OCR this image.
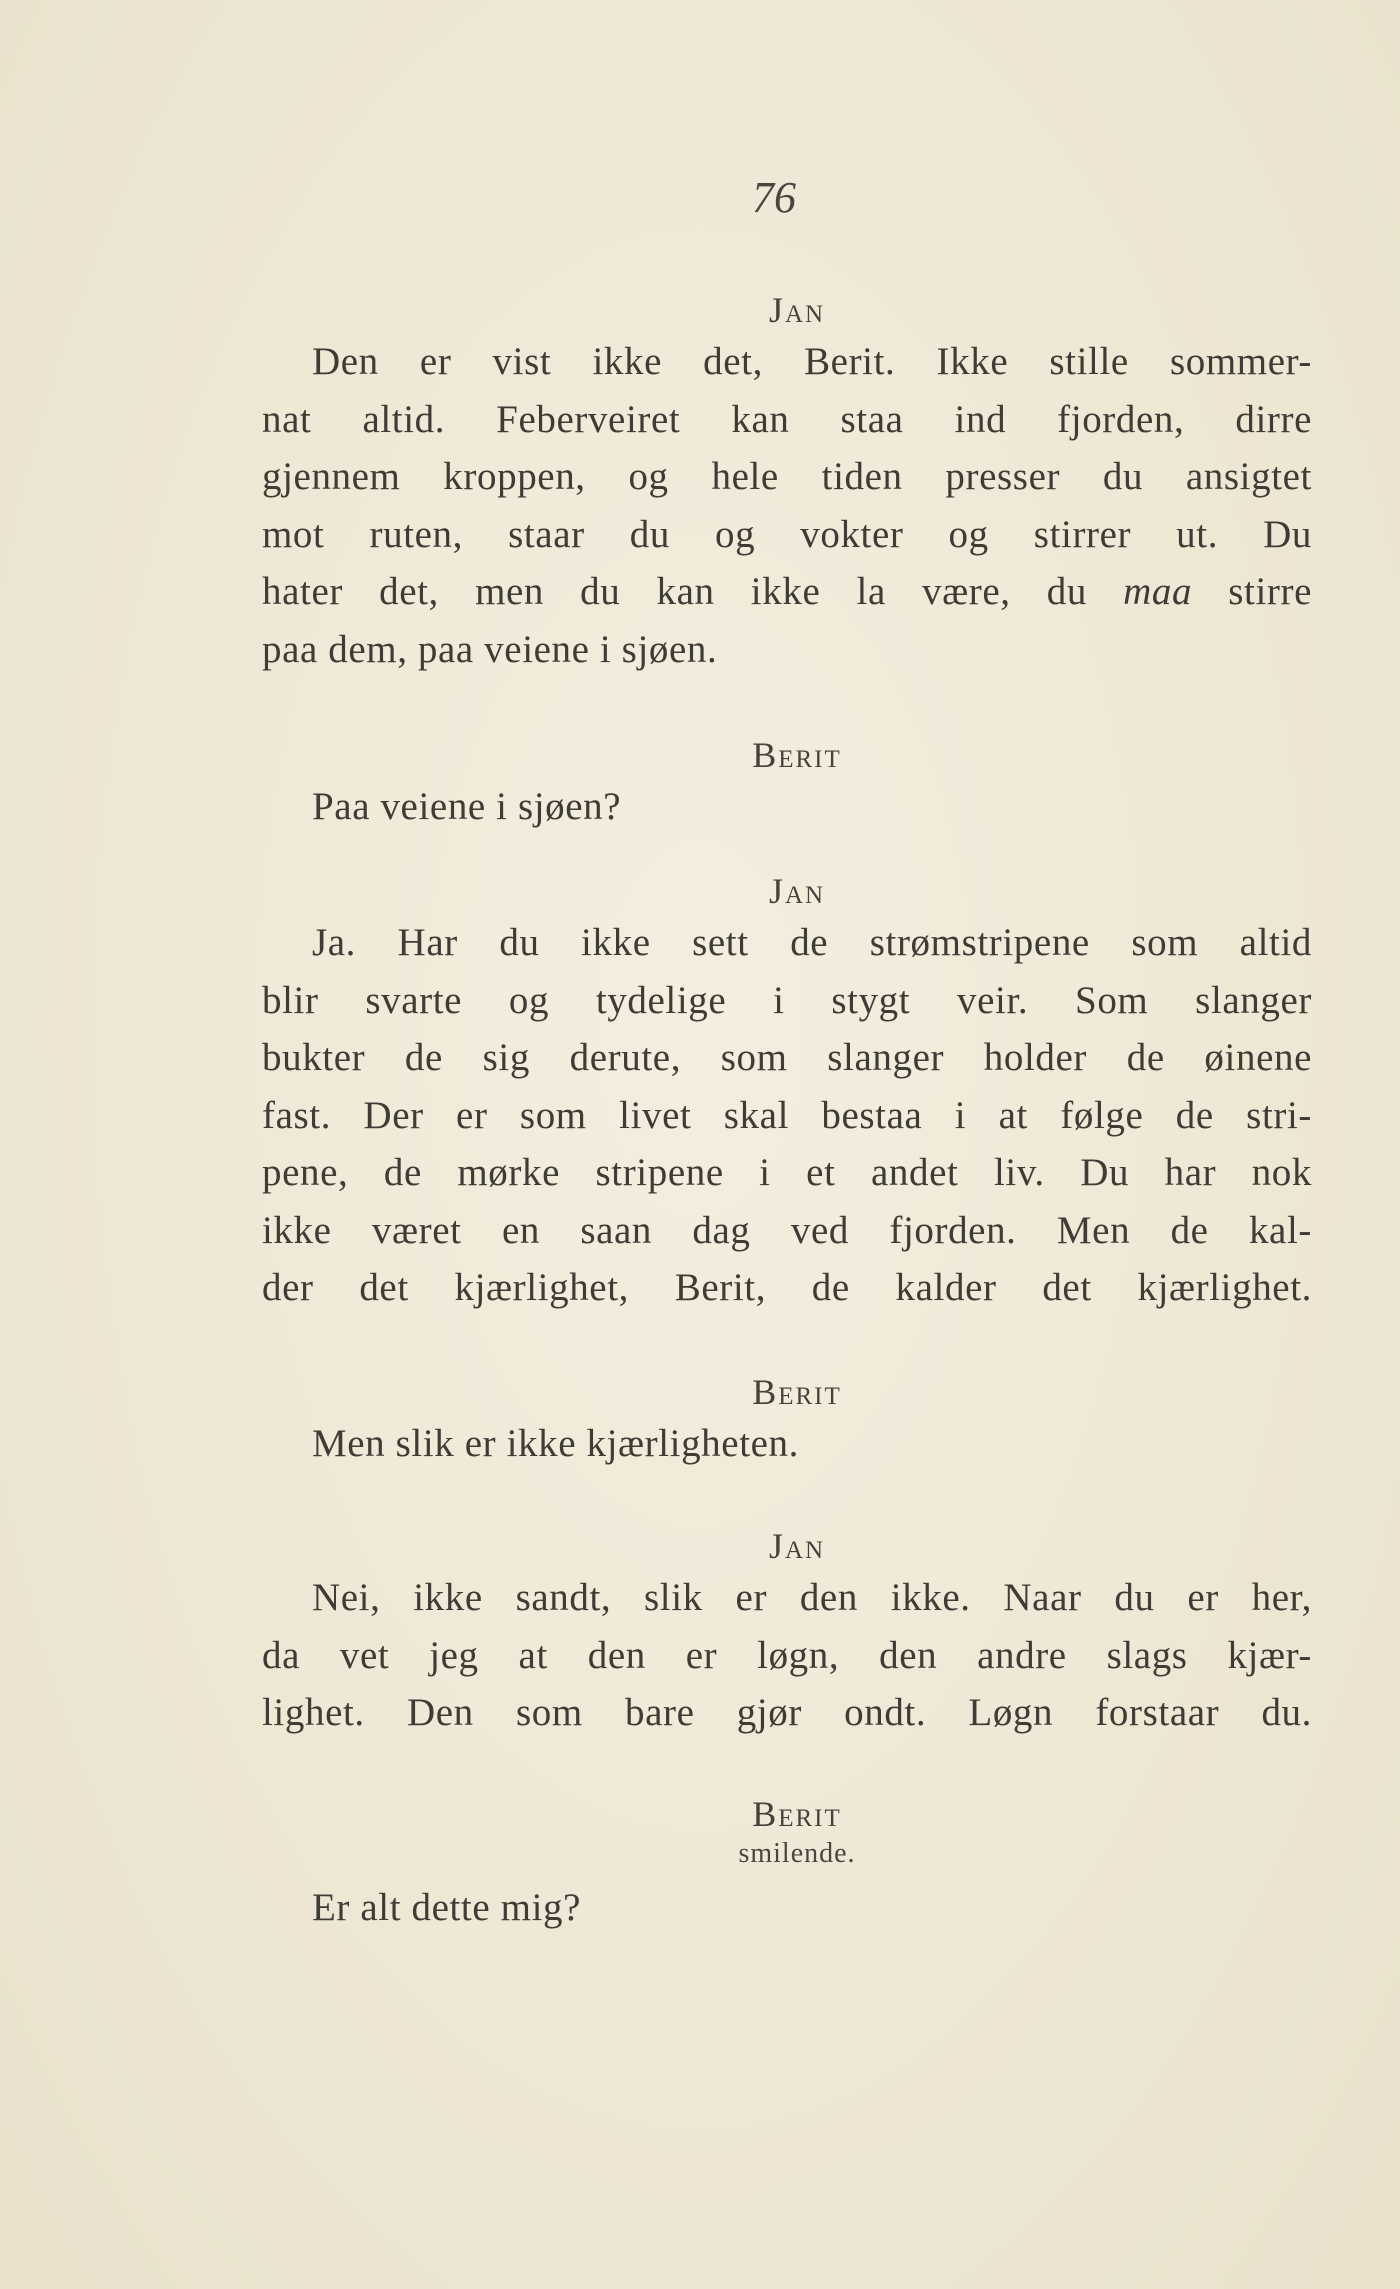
76
Jan
Den er vist ikke det, Berit. Ikke stille sommer-
nat altid. Feberveiret kan staa ind fjorden, dirre
gjennem kroppen, og hele tiden presser du ansigtet
mot ruten, staar du og vokter og stirrer ut. Du
hater det, men du kan ikke la være, du maa stirre
paa dem, paa veiene i sjøen.
Berit
Paa veiene i sjøen?
Jan
Ja. Har du ikke sett de strømstripene som altid
blir svarte og tydelige i stygt veir. Som slanger
bukter de sig derute, som slanger holder de øinene
fast. Der er som livet skal bestaa i at følge de stri-
pene, de mørke stripene i et andet liv. Du har nok
ikke været en saan dag ved fjorden. Men de kal-
der det kjærlighet, Berit, de kalder det kjærlighet.
Berit
Men slik er ikke kjærligheten.
Jan
Nei, ikke sandt, slik er den ikke. Naar du er her,
da vet jeg at den er løgn, den andre slags kjær-
lighet. Den som bare gjør ondt. Løgn forstaar du.
Berit
smilende.
Er alt dette mig?
